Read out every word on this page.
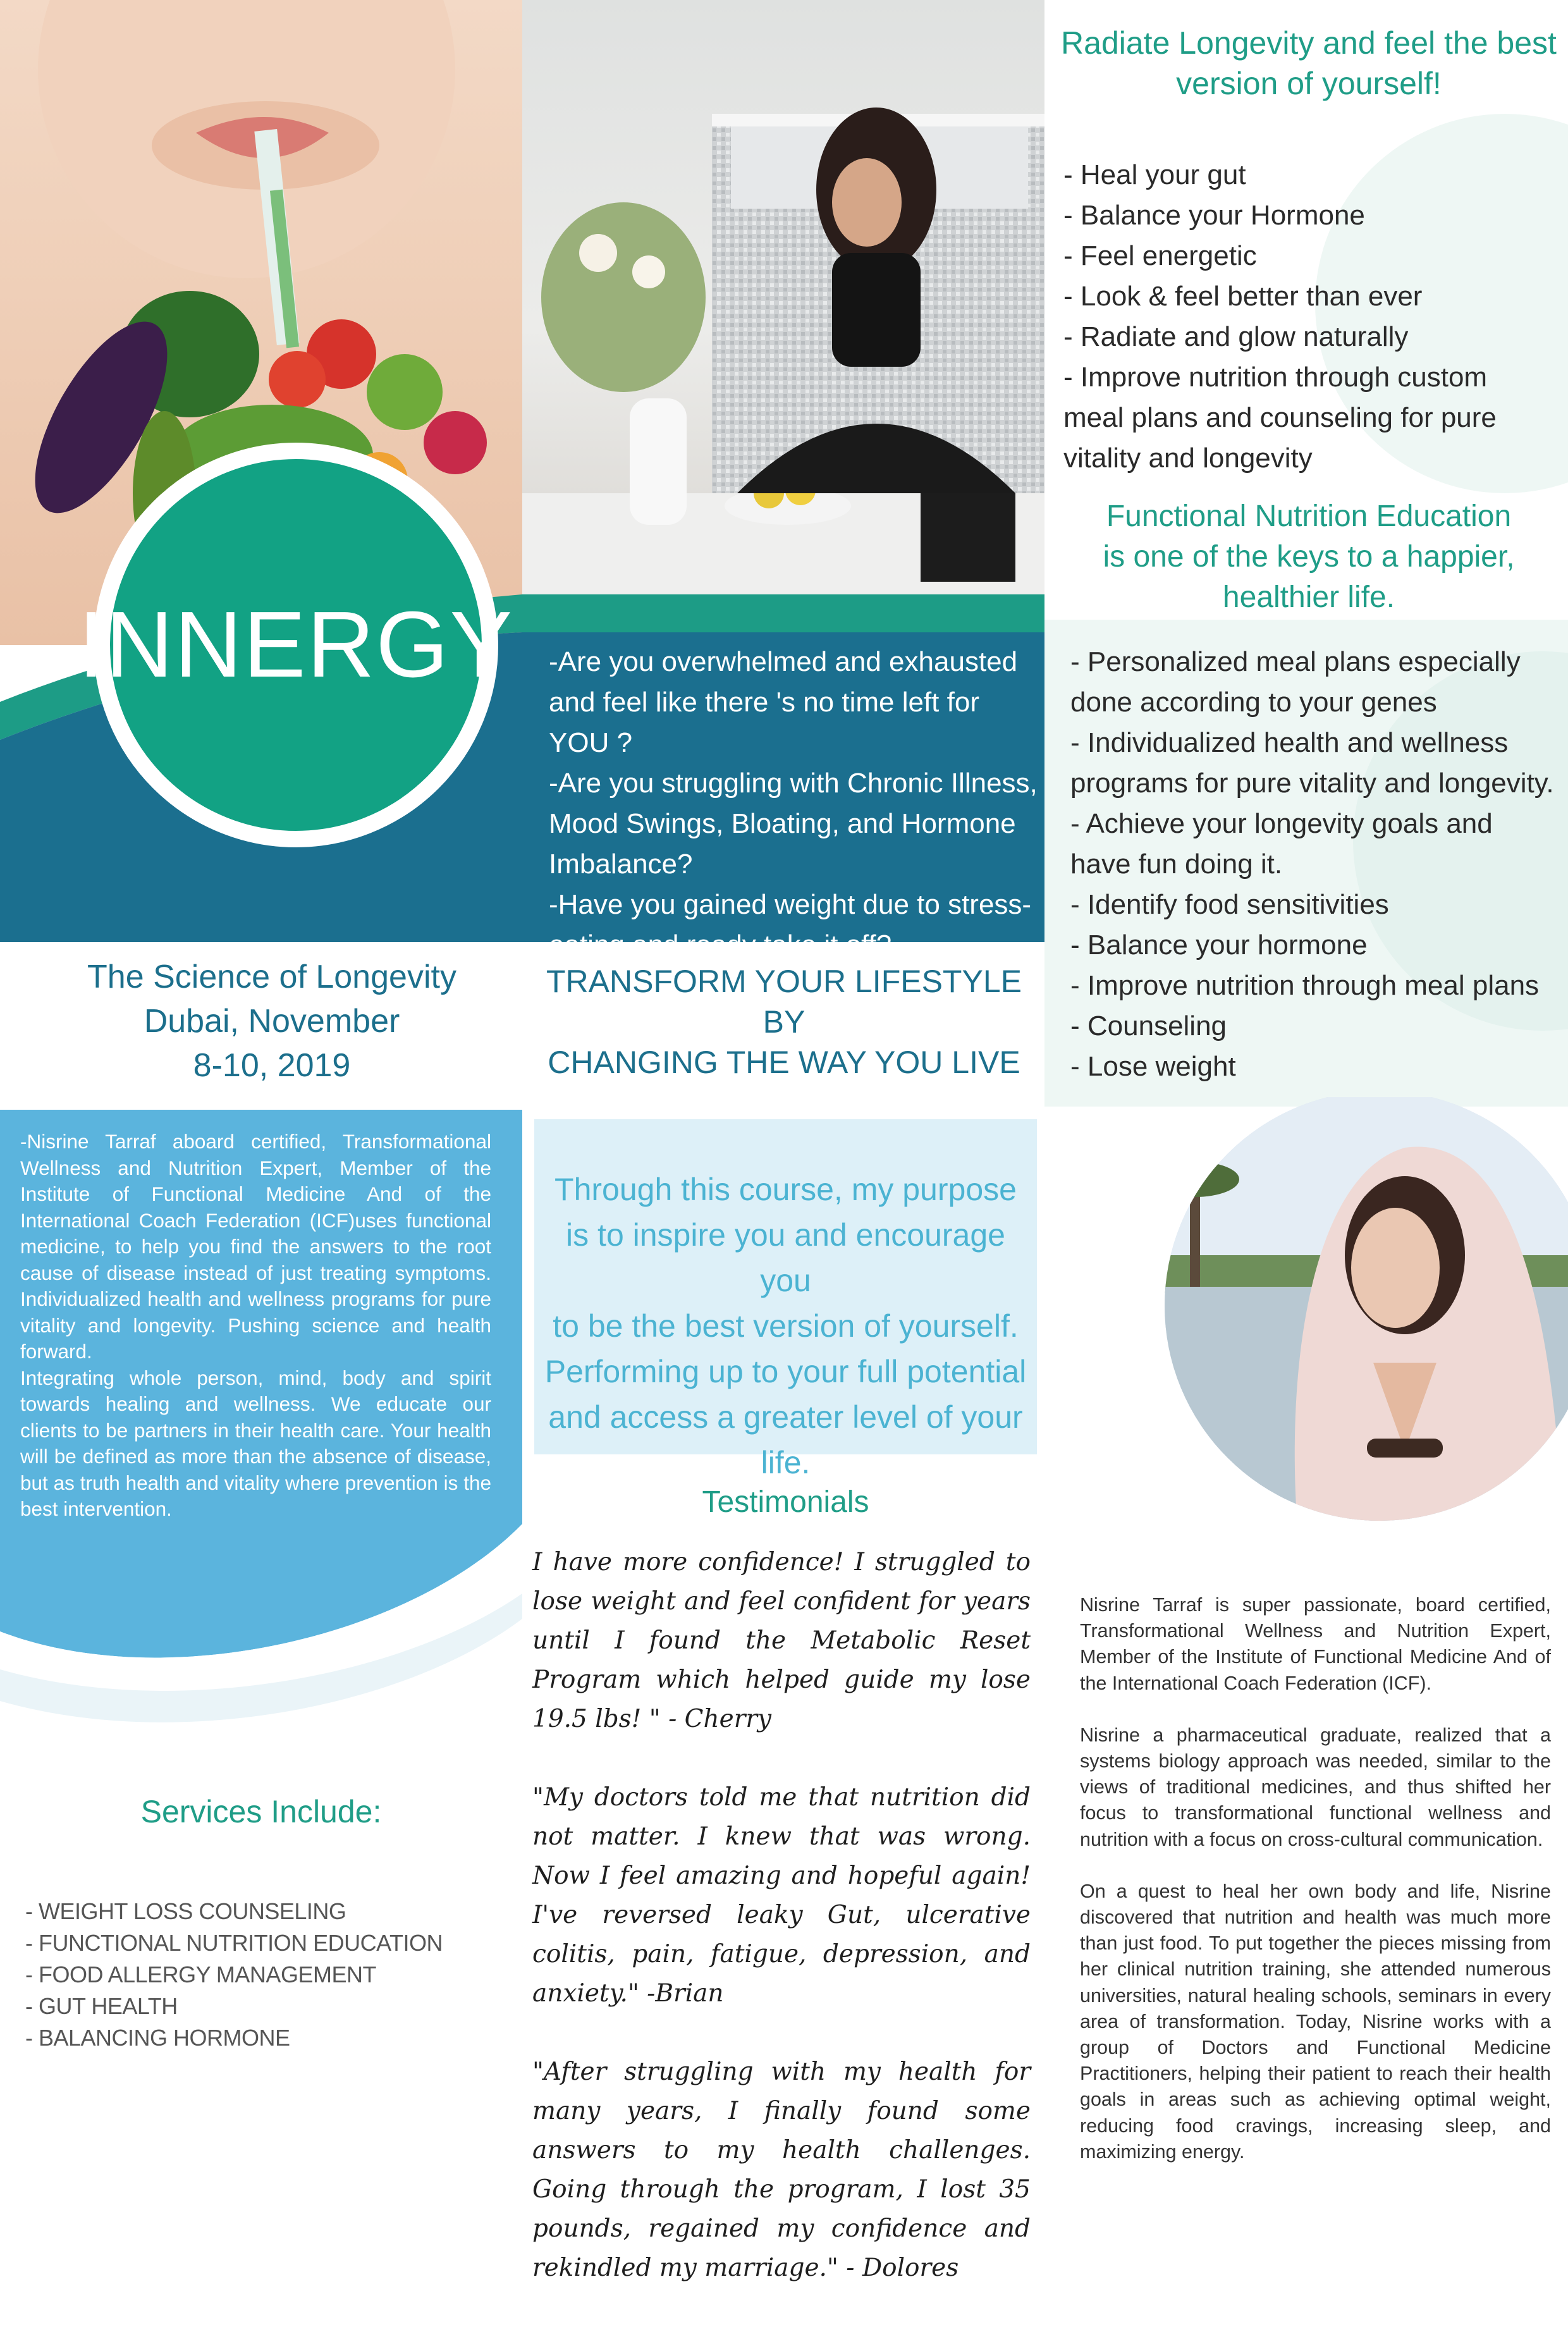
INNERGY -Are you overwhelmed and exhausted and feel like there 's no time left for YOU ?

-Are you struggling with Chronic Illness, Mood Swings, Bloating, and Hormone Imbalance?

-Have you gained weight due to stress-eating and ready take it off?

Radiate Longevity and feel the best
version of yourself!

- Heal your gut

- Balance your Hormone

- Feel energetic

- Look & feel better than ever

- Radiate and glow naturally

- Improve nutrition through custom meal plans and counseling for pure vitality and longevity

Functional Nutrition Education
is one of the keys to a happier,
healthier life.

- Personalized meal plans especially done according to your genes

- Individualized health and wellness programs for pure vitality and longevity.

- Achieve your longevity goals and have fun doing it.

- Identify food sensitivities

- Balance your hormone

- Improve nutrition through meal plans

- Counseling

- Lose weight

The Science of Longevity
Dubai, November
8-10, 2019
TRANSFORM YOUR LIFESTYLE
BY
CHANGING THE WAY YOU LIVE

-Nisrine Tarraf aboard certified, Transformational Wellness and Nutrition Expert, Member of the Institute of Functional Medicine And of the International Coach Federation (ICF)uses functional medicine, to help you find the answers to the root cause of disease instead of just treating symptoms. Individualized health and wellness programs for pure vitality and longevity. Pushing science and health forward.

Integrating whole person, mind, body and spirit towards healing and wellness. We educate our clients to be partners in their health care. Your health will be defined as more than the absence of disease, but as truth health and vitality where prevention is the best intervention.

Through this course, my purpose
is to inspire you and encourage you
to be the best version of yourself.
Performing up to your full potential
and access a greater level of your life.
Testimonials

I have more confidence! I struggled to lose weight and feel confident for years until I found the Metabolic Reset Program which helped guide my lose 19.5 lbs! " - Cherry

"My doctors told me that nutrition did not matter. I knew that was wrong. Now I feel amazing and hopeful again! I've reversed leaky Gut, ulcerative colitis, pain, fatigue, depression, and anxiety." -Brian

"After struggling with my health for many years, I finally found some answers to my health challenges. Going through the program, I lost 35 pounds, regained my confidence and rekindled my marriage." - Dolores

Services Include:
- WEIGHT LOSS COUNSELING
- FUNCTIONAL NUTRITION EDUCATION
- FOOD ALLERGY MANAGEMENT
- GUT HEALTH
- BALANCING HORMONE

Nisrine Tarraf is super passionate, board certified, Transformational Wellness and Nutrition Expert, Member of the Institute of Functional Medicine And of the International Coach Federation (ICF).

Nisrine a pharmaceutical graduate, realized that a systems biology approach was needed, similar to the views of traditional medicines, and thus shifted her focus to transformational functional wellness and nutrition with a focus on cross-cultural communication.

On a quest to heal her own body and life, Nisrine discovered that nutrition and health was much more than just food. To put together the pieces missing from her clinical nutrition training, she attended numerous universities, natural healing schools, seminars in every area of transformation. Today, Nisrine works with a group of Doctors and Functional Medicine Practitioners, helping their patient to reach their health goals in areas such as achieving optimal weight, reducing food cravings, increasing sleep, and maximizing energy.
